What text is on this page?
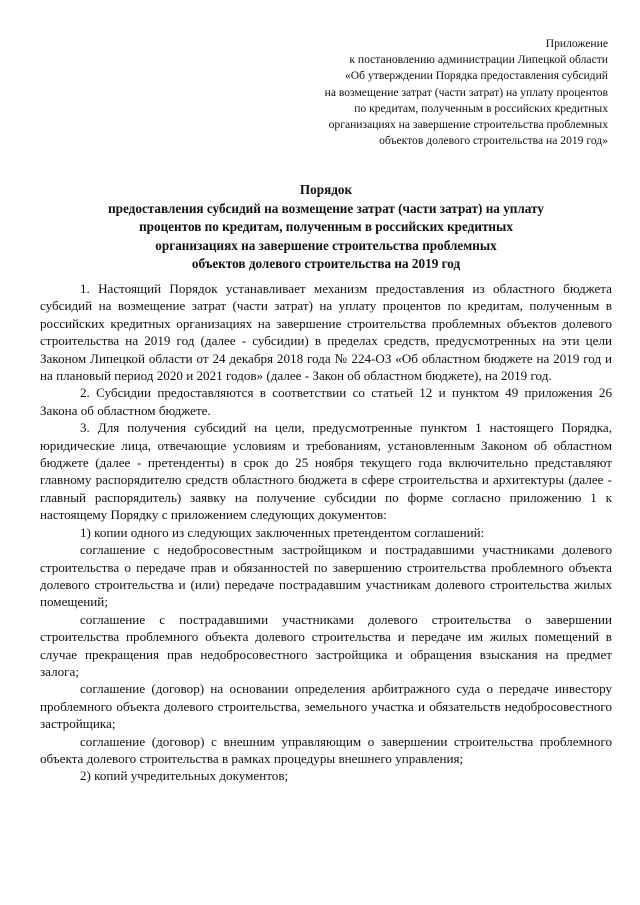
Приложение
к постановлению администрации Липецкой области
«Об утверждении Порядка предоставления субсидий
на возмещение затрат (части затрат) на уплату процентов
по кредитам, полученным в российских кредитных
организациях на завершение строительства проблемных
объектов долевого строительства на 2019 год»
Порядок
предоставления субсидий на возмещение затрат (части затрат) на уплату
процентов по кредитам, полученным в российских кредитных
организациях на завершение строительства проблемных
объектов долевого строительства на 2019 год

1. Настоящий Порядок устанавливает механизм предоставления из областного бюджета субсидий на возмещение затрат (части затрат) на уплату процентов по кредитам, полученным в российских кредитных организациях на завершение строительства проблемных объектов долевого строительства на 2019 год (далее - субсидии) в пределах средств, предусмотренных на эти цели Законом Липецкой области от 24 декабря 2018 года № 224-ОЗ «Об областном бюджете на 2019 год и на плановый период 2020 и 2021 годов» (далее - Закон об областном бюджете), на 2019 год.

2. Субсидии предоставляются в соответствии со статьей 12 и пунктом 49 приложения 26 Закона об областном бюджете.

3. Для получения субсидий на цели, предусмотренные пунктом 1 настоящего Порядка, юридические лица, отвечающие условиям и требованиям, установленным Законом об областном бюджете (далее - претенденты) в срок до 25 ноября текущего года включительно представляют главному распорядителю средств областного бюджета в сфере строительства и архитектуры (далее - главный распорядитель) заявку на получение субсидии по форме согласно приложению 1 к настоящему Порядку с приложением следующих документов:

1) копии одного из следующих заключенных претендентом соглашений:

соглашение с недобросовестным застройщиком и пострадавшими участниками долевого строительства о передаче прав и обязанностей по завершению строительства проблемного объекта долевого строительства и (или) передаче пострадавшим участникам долевого строительства жилых помещений;

соглашение с пострадавшими участниками долевого строительства о завершении строительства проблемного объекта долевого строительства и передаче им жилых помещений в случае прекращения прав недобросовестного застройщика и обращения взыскания на предмет залога;

соглашение (договор) на основании определения арбитражного суда о передаче инвестору проблемного объекта долевого строительства, земельного участка и обязательств недобросовестного застройщика;

соглашение (договор) с внешним управляющим о завершении строительства проблемного объекта долевого строительства в рамках процедуры внешнего управления;

2) копий учредительных документов;
